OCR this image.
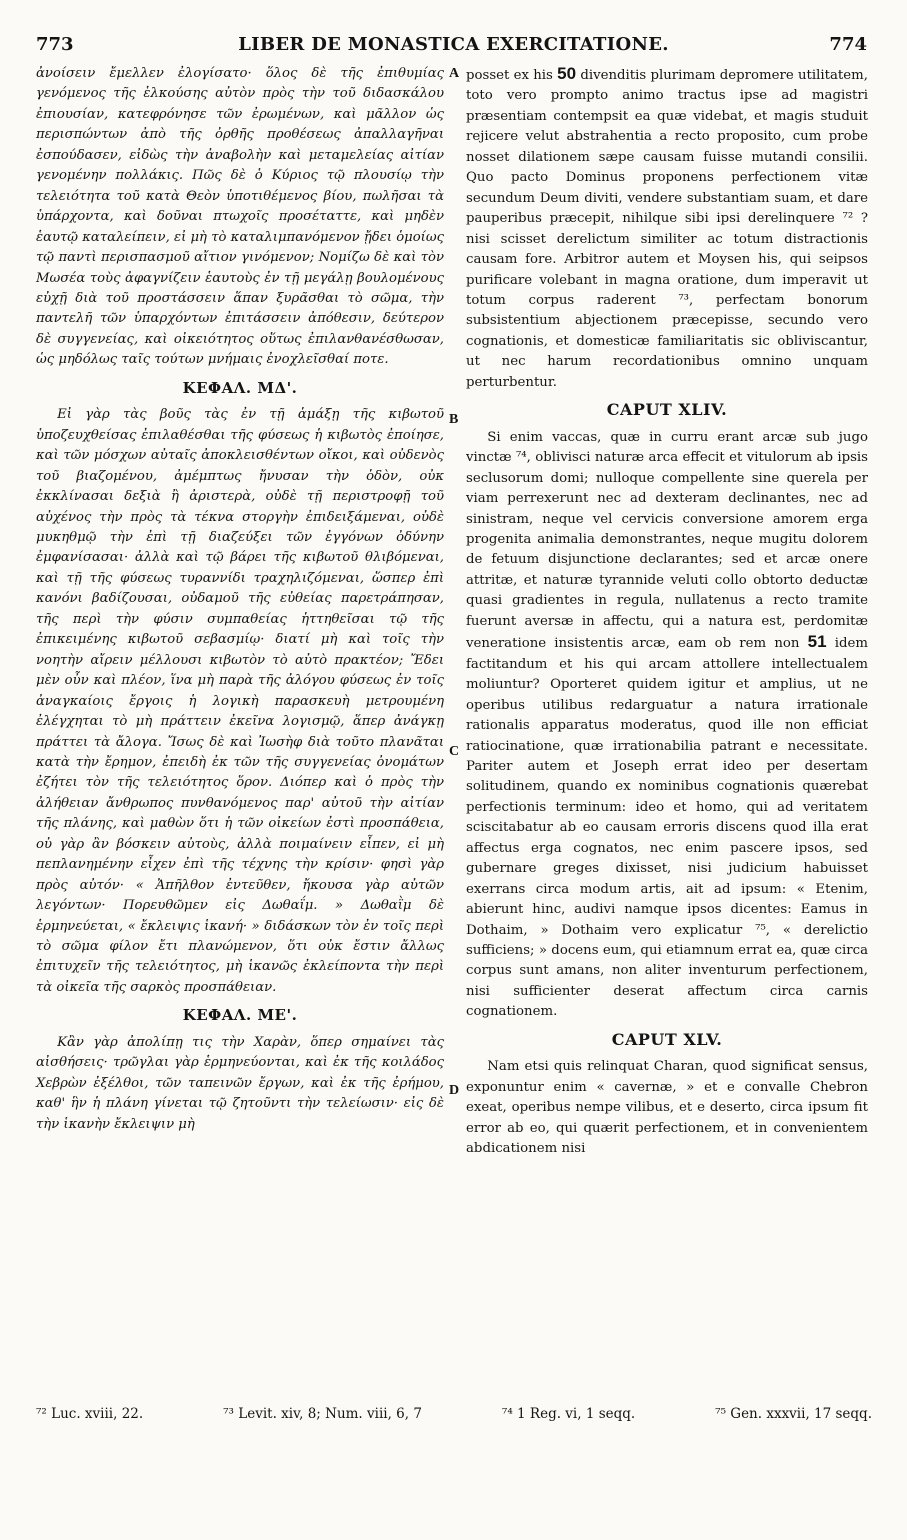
773	LIBER DE MONASTICA EXERCITATIONE.	774

ἀνοίσειν ἔμελλεν ἐλογίσατο· ὅλος δὲ τῆς ἐπιθυμίας γενόμενος τῆς ἑλκούσης αὐτὸν πρὸς τὴν τοῦ διδασκάλου ἐπιουσίαν, κατεφρόνησε τῶν ἐρωμένων, καὶ μᾶλλον ὡς περισπώντων ἀπὸ τῆς ὀρθῆς προθέσεως ἀπαλλαγῆναι ἐσπούδασεν, εἰδὼς τὴν ἀναβολὴν καὶ μεταμελείας αἰτίαν γενομένην πολλάκις. Πῶς δὲ ὁ Κύριος τῷ πλουσίῳ τὴν τελειότητα τοῦ κατὰ Θεὸν ὑποτιθέμενος βίου, πωλῆσαι τὰ ὑπάρχοντα, καὶ δοῦναι πτωχοῖς προσέταττε, καὶ μηδὲν ἑαυτῷ καταλείπειν, εἰ μὴ τὸ καταλιμπανόμενον ᾔδει ὁμοίως τῷ παντὶ περισπασμοῦ αἴτιον γινόμενον; Νομίζω δὲ καὶ τὸν Μωσέα τοὺς ἀφαγνίζειν ἑαυτοὺς ἐν τῇ μεγάλῃ βουλομένους εὐχῇ διὰ τοῦ προστάσσειν ἅπαν ξυρᾶσθαι τὸ σῶμα, τὴν παντελῆ τῶν ὑπαρχόντων ἐπιτάσσειν ἀπόθεσιν, δεύτερον δὲ συγγενείας, καὶ οἰκειότητος οὕτως ἐπιλανθανέσθωσαν, ὡς μηδόλως ταῖς τούτων μνήμαις ἐνοχλεῖσθαί ποτε.

ΚΕΦΑΛ. ΜΔ'.

Εἰ γὰρ τὰς βοῦς τὰς ἐν τῇ ἁμάξῃ τῆς κιβωτοῦ ὑποζευχθείσας ἐπιλαθέσθαι τῆς φύσεως ἡ κιβωτὸς ἐποίησε, καὶ τῶν μόσχων αὐταῖς ἀποκλεισθέντων οἴκοι, καὶ οὐδενὸς τοῦ βιαζομένου, ἀμέμπτως ἤνυσαν τὴν ὁδὸν, οὐκ ἐκκλίνασαι δεξιὰ ἢ ἀριστερὰ, οὐδὲ τῇ περιστροφῇ τοῦ αὐχένος τὴν πρὸς τὰ τέκνα στοργὴν ἐπιδειξάμεναι, οὐδὲ μυκηθμῷ τὴν ἐπὶ τῇ διαζεύξει τῶν ἐγγόνων ὀδύνην ἐμφανίσασαι· ἀλλὰ καὶ τῷ βάρει τῆς κιβωτοῦ θλιβόμεναι, καὶ τῇ τῆς φύσεως τυραννίδι τραχηλιζόμεναι, ὥσπερ ἐπὶ κανόνι βαδίζουσαι, οὐδαμοῦ τῆς εὐθείας παρετράπησαν, τῆς περὶ τὴν φύσιν συμπαθείας ἡττηθεῖσαι τῷ τῆς ἐπικειμένης κιβωτοῦ σεβασμίῳ· διατί μὴ καὶ τοῖς τὴν νοητὴν αἴρειν μέλλουσι κιβωτὸν τὸ αὐτὸ πρακτέον; Ἔδει μὲν οὖν καὶ πλέον, ἵνα μὴ παρὰ τῆς ἀλόγου φύσεως ἐν τοῖς ἀναγκαίοις ἔργοις ἡ λογικὴ παρασκευὴ μετρουμένη ἐλέγχηται τὸ μὴ πράττειν ἐκεῖνα λογισμῷ, ἅπερ ἀνάγκῃ πράττει τὰ ἄλογα. Ἴσως δὲ καὶ Ἰωσὴφ διὰ τοῦτο πλανᾶται κατὰ τὴν ἔρημον, ἐπειδὴ ἐκ τῶν τῆς συγγενείας ὀνομάτων ἐζήτει τὸν τῆς τελειότητος ὅρον. Διόπερ καὶ ὁ πρὸς τὴν ἀλήθειαν ἄνθρωπος πυνθανόμενος παρ' αὐτοῦ τὴν αἰτίαν τῆς πλάνης, καὶ μαθὼν ὅτι ἡ τῶν οἰκείων ἐστὶ προσπάθεια, οὐ γὰρ ἂν βόσκειν αὐτοὺς, ἀλλὰ ποιμαίνειν εἶπεν, εἰ μὴ πεπλανημένην εἶχεν ἐπὶ τῆς τέχνης τὴν κρίσιν· φησὶ γὰρ πρὸς αὐτόν· « Ἀπῆλθον ἐντεῦθεν, ἤκουσα γὰρ αὐτῶν λεγόντων· Πορευθῶμεν εἰς Δωθαΐμ. » Δωθαῒμ δὲ ἑρμηνεύεται, « ἔκλειψις ἱκανή· » διδάσκων τὸν ἐν τοῖς περὶ τὸ σῶμα φίλον ἔτι πλανώμενον, ὅτι οὐκ ἔστιν ἄλλως ἐπιτυχεῖν τῆς τελειότητος, μὴ ἱκανῶς ἐκλείποντα τὴν περὶ τὰ οἰκεῖα τῆς σαρκὸς προσπάθειαν.

ΚΕΦΑΛ. ΜΕ'.

Κἂν γὰρ ἀπολίπῃ τις τὴν Χαρὰν, ὅπερ σημαίνει τὰς αἰσθήσεις· τρῶγλαι γὰρ ἑρμηνεύονται, καὶ ἐκ τῆς κοιλάδος Χεβρὼν ἐξέλθοι, τῶν ταπεινῶν ἔργων, καὶ ἐκ τῆς ἐρήμου, καθ' ἣν ἡ πλάνη γίνεται τῷ ζητοῦντι τὴν τελείωσιν· εἰς δὲ τὴν ἱκανὴν ἔκλειψιν μὴ

A
B
C
D

posset ex his 50 divenditis plurimam depromere utilitatem, toto vero prompto animo tractus ipse ad magistri præsentiam contempsit ea quæ videbat, et magis studuit rejicere velut abstrahentia a recto proposito, cum probe nosset dilationem sæpe causam fuisse mutandi consilii. Quo pacto Dominus proponens perfectionem vitæ secundum Deum diviti, vendere substantiam suam, et dare pauperibus præcepit, nihilque sibi ipsi derelinquere ⁷² ? nisi scisset derelictum similiter ac totum distractionis causam fore. Arbitror autem et Moysen his, qui seipsos purificare volebant in magna oratione, dum imperavit ut totum corpus raderent ⁷³, perfectam bonorum subsistentium abjectionem præcepisse, secundo vero cognationis, et domesticæ familiaritatis sic obliviscantur, ut nec harum recordationibus omnino unquam perturbentur.

CAPUT XLIV.

Si enim vaccas, quæ in curru erant arcæ sub jugo vinctæ ⁷⁴, oblivisci naturæ arca effecit et vitulorum ab ipsis seclusorum domi; nulloque compellente sine querela per viam perrexerunt nec ad dexteram declinantes, nec ad sinistram, neque vel cervicis conversione amorem erga progenita animalia demonstrantes, neque mugitu dolorem de fetuum disjunctione declarantes; sed et arcæ onere attritæ, et naturæ tyrannide veluti collo obtorto deductæ quasi gradientes in regula, nullatenus a recto tramite fuerunt aversæ in affectu, qui a natura est, perdomitæ veneratione insistentis arcæ, eam ob rem non 51 idem factitandum et his qui arcam attollere intellectualem moliuntur? Oporteret quidem igitur et amplius, ut ne operibus utilibus redarguatur a natura irrationale rationalis apparatus moderatus, quod ille non efficiat ratiocinatione, quæ irrationabilia patrant e necessitate. Pariter autem et Joseph errat ideo per desertam solitudinem, quando ex nominibus cognationis quærebat perfectionis terminum: ideo et homo, qui ad veritatem sciscitabatur ab eo causam erroris discens quod illa erat affectus erga cognatos, nec enim pascere ipsos, sed gubernare greges dixisset, nisi judicium habuisset exerrans circa modum artis, ait ad ipsum: « Etenim, abierunt hinc, audivi namque ipsos dicentes: Eamus in Dothaim, » Dothaim vero explicatur ⁷⁵, « derelictio sufficiens; » docens eum, qui etiamnum errat ea, quæ circa corpus sunt amans, non aliter inventurum perfectionem, nisi sufficienter deserat affectum circa carnis cognationem.

CAPUT XLV.

Nam etsi quis relinquat Charan, quod significat sensus, exponuntur enim « cavernæ, » et e convalle Chebron exeat, operibus nempe vilibus, et e deserto, circa ipsum fit error ab eo, qui quærit perfectionem, et in convenientem abdicationem nisi

⁷² Luc. xviii, 22.	⁷³ Levit. xiv, 8; Num. viii, 6, 7	⁷⁴ 1 Reg. vi, 1 seqq.	⁷⁵ Gen. xxxvii, 17 seqq.
